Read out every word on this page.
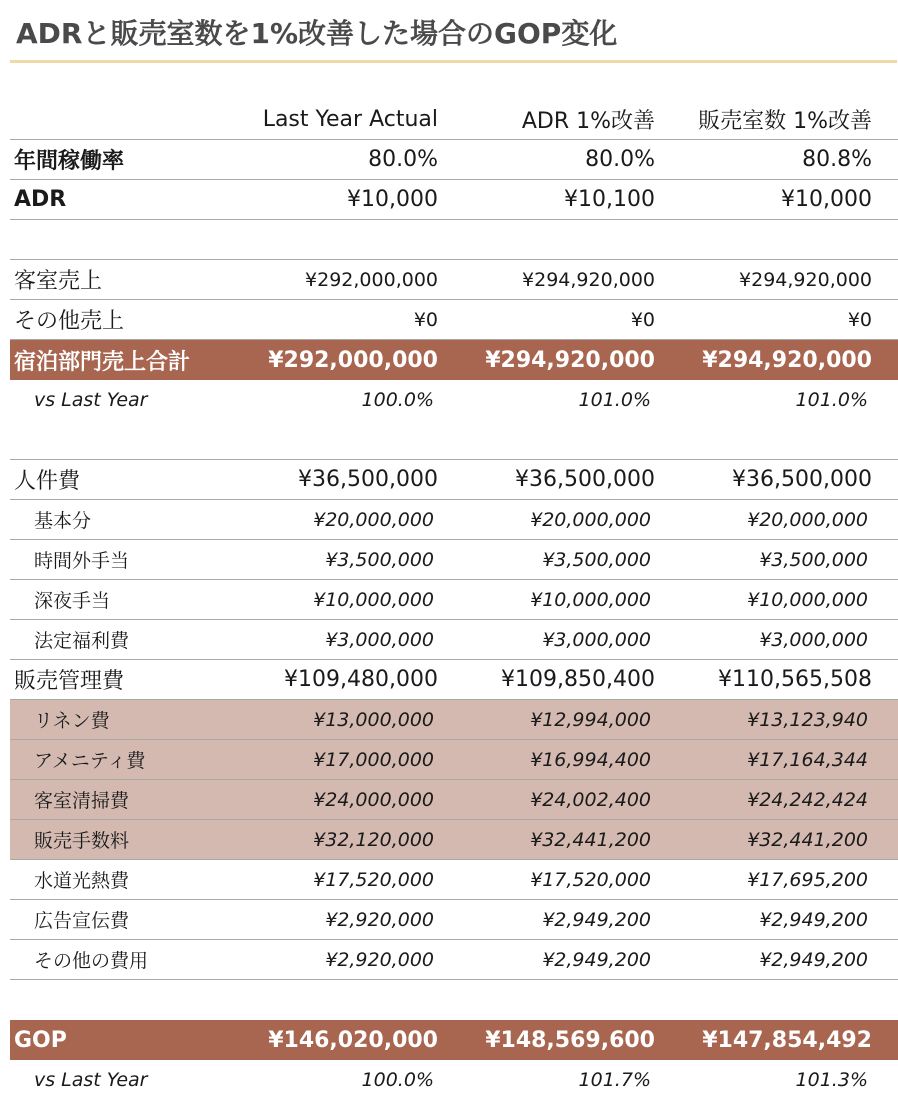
ADRと販売室数を1%改善した場合のGOP変化
Last Year Actual	ADR 1%改善	販売室数 1%改善
年間稼働率	80.0%	80.0%	80.8%
ADR	¥10,000	¥10,100	¥10,000
客室売上	¥292,000,000	¥294,920,000	¥294,920,000
その他売上	¥0	¥0	¥0
宿泊部門売上合計	¥292,000,000	¥294,920,000	¥294,920,000
vs Last Year	100.0%	101.0%	101.0%
人件費	¥36,500,000	¥36,500,000	¥36,500,000
基本分	¥20,000,000	¥20,000,000	¥20,000,000
時間外手当	¥3,500,000	¥3,500,000	¥3,500,000
深夜手当	¥10,000,000	¥10,000,000	¥10,000,000
法定福利費	¥3,000,000	¥3,000,000	¥3,000,000
販売管理費	¥109,480,000	¥109,850,400	¥110,565,508
リネン費	¥13,000,000	¥12,994,000	¥13,123,940
アメニティ費	¥17,000,000	¥16,994,400	¥17,164,344
客室清掃費	¥24,000,000	¥24,002,400	¥24,242,424
販売手数料	¥32,120,000	¥32,441,200	¥32,441,200
水道光熱費	¥17,520,000	¥17,520,000	¥17,695,200
広告宣伝費	¥2,920,000	¥2,949,200	¥2,949,200
その他の費用	¥2,920,000	¥2,949,200	¥2,949,200
GOP	¥146,020,000	¥148,569,600	¥147,854,492
vs Last Year	100.0%	101.7%	101.3%
